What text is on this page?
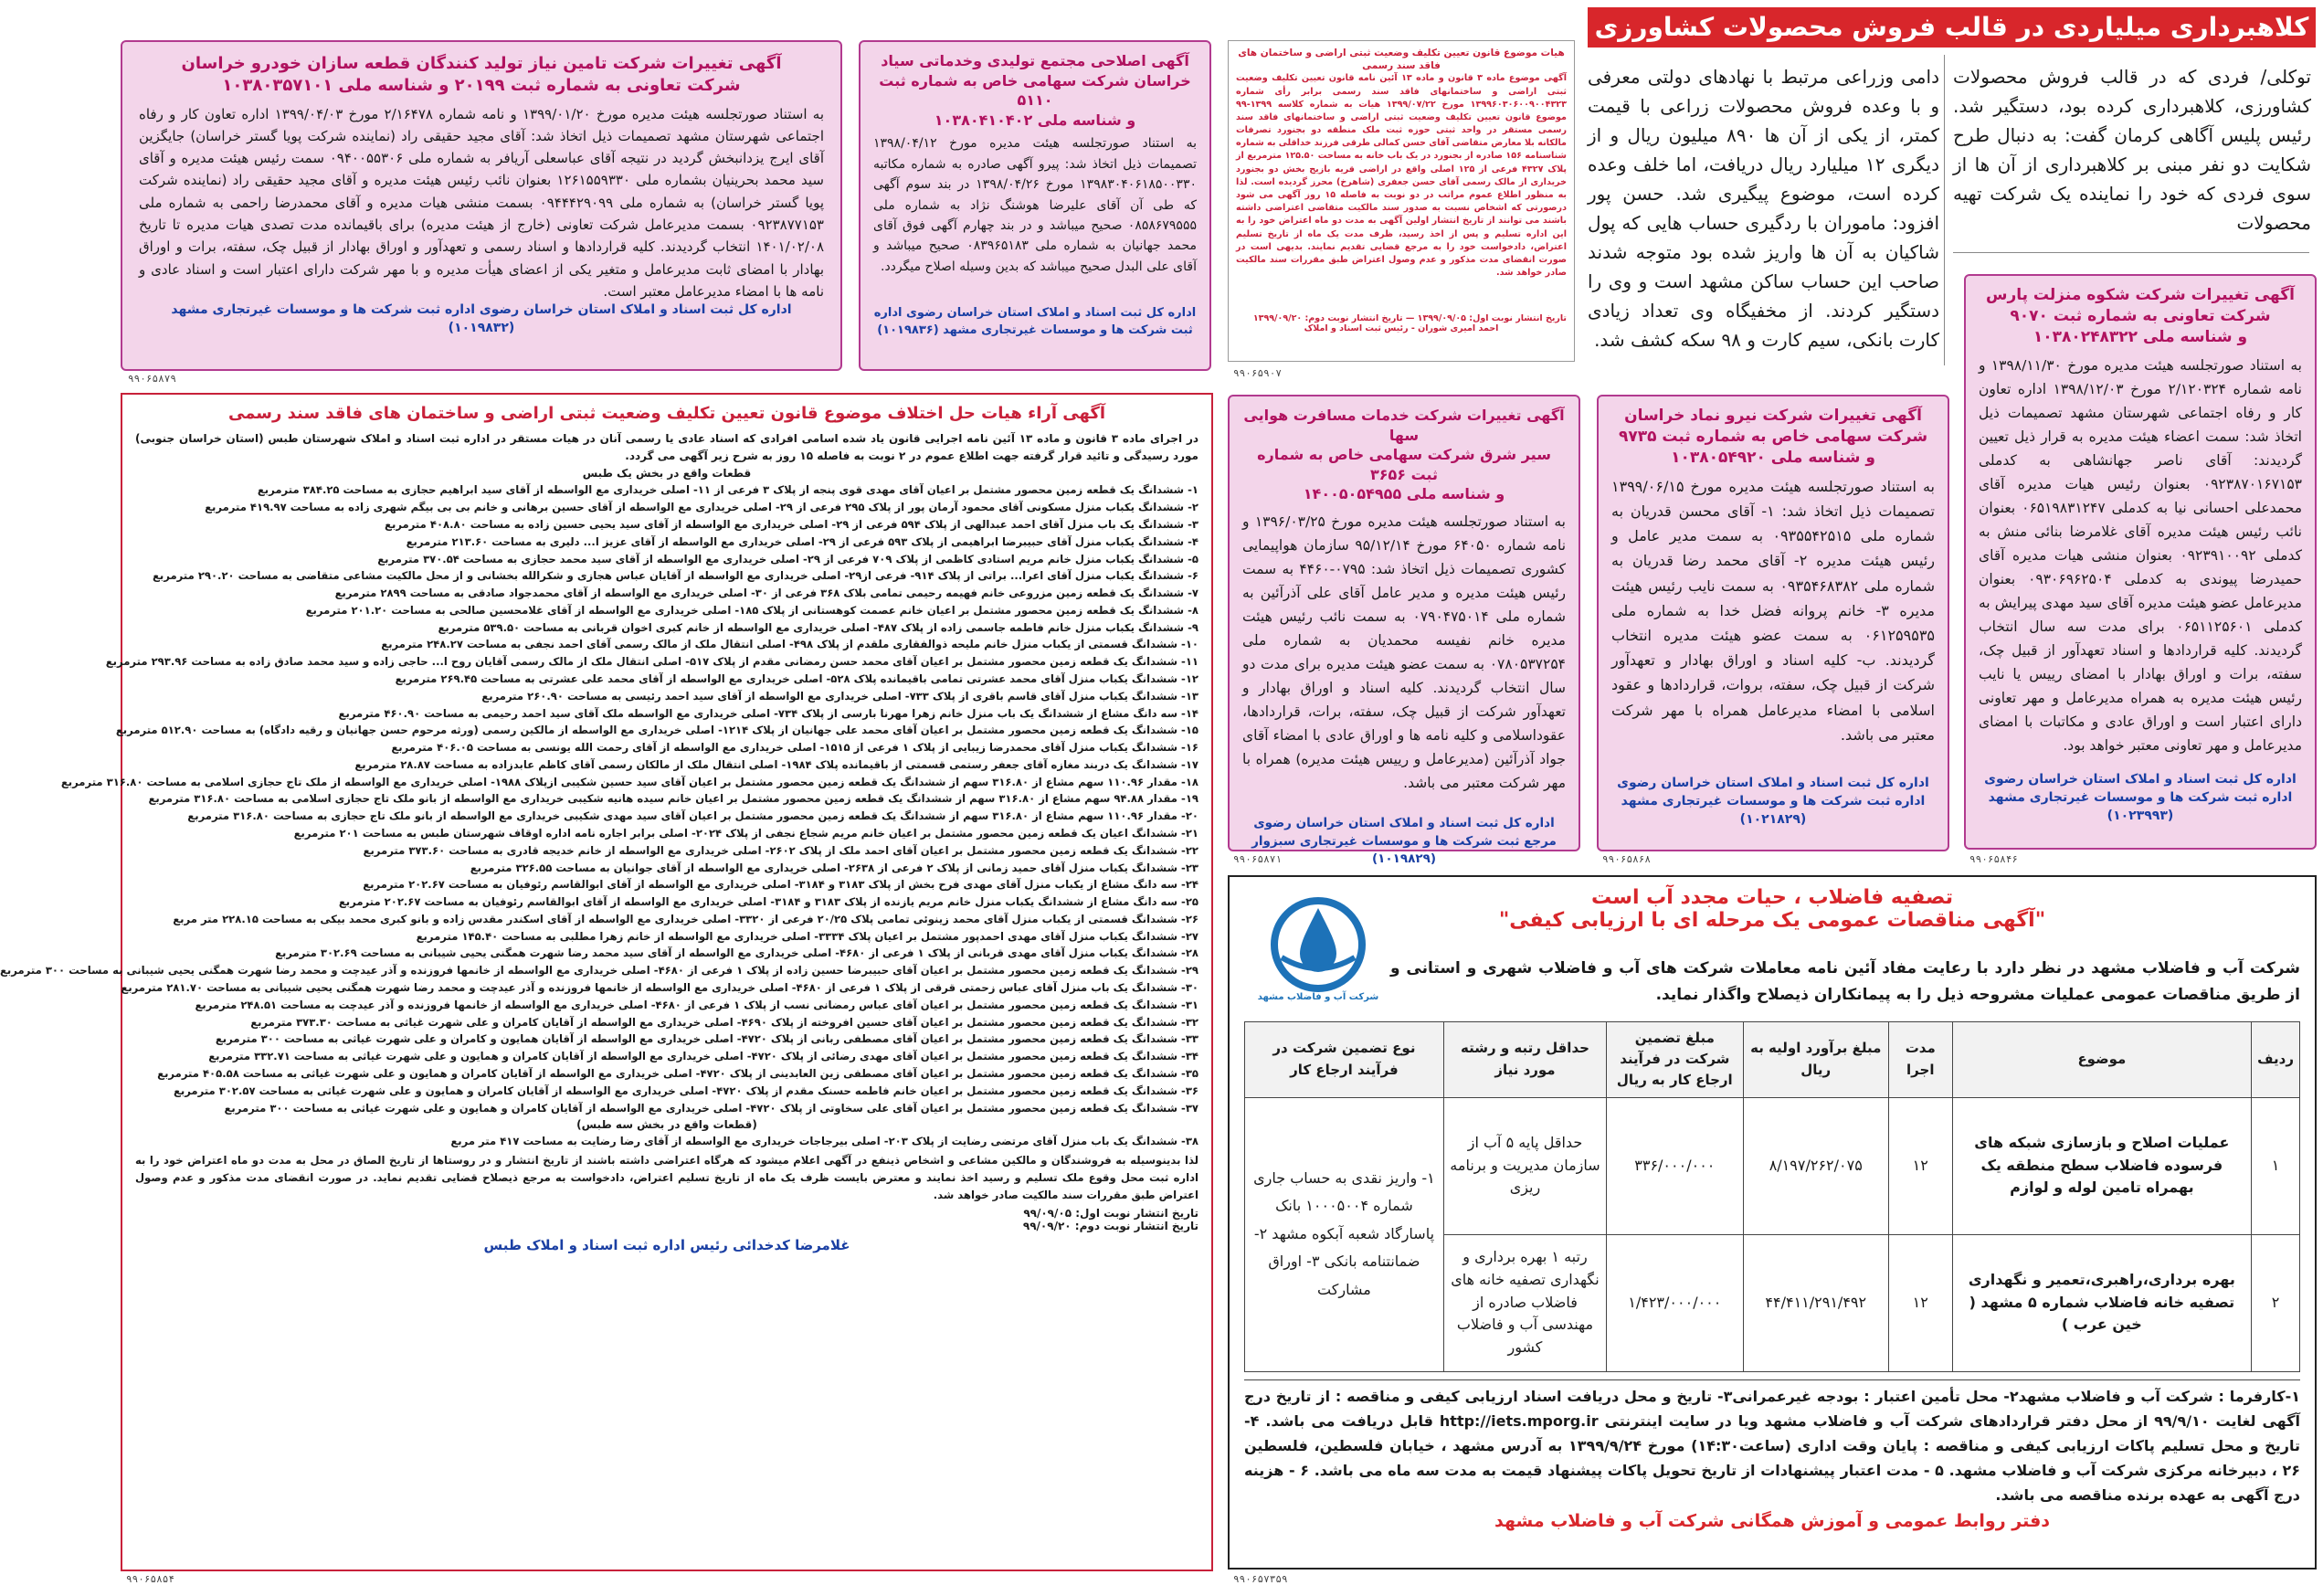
کلاهبرداری میلیاردی در قالب فروش محصولات کشاورزی
توکلی/ فردی که در قالب فروش محصولات کشاورزی، کلاهبرداری کرده بود، دستگیر شد. رئیس پلیس آگاهی کرمان گفت: به دنبال طرح شکایت دو نفر مبنی بر کلاهبرداری از آن ها از سوی فردی که خود را نماینده یک شرکت تهیه محصولات
دامی وزراعی مرتبط با نهادهای دولتی معرفی و با وعده فروش محصولات زراعی با قیمت کمتر، از یکی از آن ها ۸۹۰ میلیون ریال و از دیگری ۱۲ میلیارد ریال دریافت، اما خلف وعده کرده است، موضوع پیگیری شد. حسن پور افزود: ماموران با ردگیری حساب هایی که پول شاکیان به آن ها واریز شده بود متوجه شدند صاحب این حساب ساکن مشهد است و وی را دستگیر کردند. از مخفیگاه وی تعداد زیادی کارت بانکی، سیم کارت و ۹۸ سکه کشف شد.
آگهی تغییرات شرکت تامین نیاز تولید کنندگان قطعه سازان خودرو خراسان
شرکت تعاونی به شماره ثبت ۲۰۱۹۹ و شناسه ملی ۱۰۳۸۰۳۵۷۱۰۱
به استناد صورتجلسه هیئت مدیره مورخ ۱۳۹۹/۰۱/۲۰ و نامه شماره ۲/۱۶۴۷۸ مورخ ۱۳۹۹/۰۴/۰۳ اداره تعاون کار و رفاه اجتماعی شهرستان مشهد تصمیمات ذیل اتخاذ شد: آقای مجید حقیقی راد (نماینده شرکت پویا گستر خراسان) جایگزین آقای ایرج یزدانبخش گردید در نتیجه آقای عباسعلی آریافر به شماره ملی ۰۹۴۰۰۵۵۳۰۶ سمت رئیس هیئت مدیره و آقای سید محمد بحرینیان بشماره ملی ۱۲۶۱۵۵۹۳۳۰ بعنوان نائب رئیس هیئت مدیره و آقای مجید حقیقی راد (نماینده شرکت پویا گستر خراسان) به شماره ملی ۰۹۴۴۴۲۹۰۹۹ بسمت منشی هیات مدیره و آقای محمدرضا راحمی به شماره ملی ۰۹۲۳۸۷۷۱۵۳ بسمت مدیرعامل شرکت تعاونی (خارج از هیئت مدیره) برای باقیمانده مدت تصدی هیات مدیره تا تاریخ ۱۴۰۱/۰۲/۰۸ انتخاب گردیدند. کلیه قراردادها و اسناد رسمی و تعهدآور و اوراق بهادار از قبیل چک، سفته، برات و اوراق بهادار با امضای ثابت مدیرعامل و متغیر یکی از اعضای هیأت مدیره و با مهر شرکت دارای اعتبار است و اسناد عادی و نامه ها با امضاء مدیرعامل معتبر است.
اداره کل ثبت اسناد و املاک استان خراسان رضوی اداره ثبت شرکت ها و موسسات غیرتجاری مشهد (۱۰۱۹۸۳۲)
۹۹۰۶۵۸۷۹
آگهی اصلاحی مجتمع تولیدی وخدماتی سیاد
خراسان شرکت سهامی خاص به شماره ثبت ۵۱۱۰
و شناسه ملی ۱۰۳۸۰۴۱۰۴۰۲
به استناد صورتجلسه هیئت مدیره مورخ ۱۳۹۸/۰۴/۱۲ تصمیمات ذیل اتخاذ شد: پیرو آگهی صادره به شماره مکاتبه ۱۳۹۸۳۰۴۰۶۱۸۵۰۰۳۳۰ مورخ ۱۳۹۸/۰۴/۲۶ در بند سوم آگهی که طی آن آقای علیرضا هوشنگ نژاد به شماره ملی ۰۸۵۸۶۷۹۵۵۵ صحیح میباشد و در بند چهارم آگهی فوق آقای محمد جهانیان به شماره ملی ۰۸۳۹۶۵۱۸۳ صحیح میباشد و آقای علی البدل صحیح میباشد که بدین وسیله اصلاح میگردد.
اداره کل ثبت اسناد و املاک استان خراسان رضوی اداره ثبت شرکت ها و موسسات غیرتجاری مشهد (۱۰۱۹۸۳۶)
هیات موضوع قانون تعیین تکلیف وضعیت ثبتی اراضی و ساختمان های فاقد سند رسمی
آگهی موضوع ماده ۳ قانون و ماده ۱۳ آئین نامه قانون تعیین تکلیف وضعیت ثبتی اراضی و ساختمانهای فاقد سند رسمی برابر رأی شماره ۱۳۹۹۶۰۳۰۶۰۰۹۰۰۴۳۲۳ مورخ ۱۳۹۹/۰۷/۲۲ هیات به شماره کلاسه ۱۳۹۹-۹۹ موضوع قانون تعیین تکلیف وضعیت ثبتی اراضی و ساختمانهای فاقد سند رسمی مستقر در واحد ثبتی حوزه ثبت ملک منطقه دو بجنورد تصرفات مالکانه بلا معارض متقاضی آقای حسن کمالی طرقی فرزند خداقلی به شماره شناسنامه ۱۵۶ صادره از بجنورد در یک باب خانه به مساحت ۱۲۵.۵۰ مترمربع از پلاک ۴۳۲۷ فرعی از ۱۲۵ اصلی واقع در اراضی قریه بازیج بخش دو بجنورد خریداری از مالک رسمی آقای حسن جعفری (شاهرخ) محرز گردیده است. لذا به منظور اطلاع عموم مراتب در دو نوبت به فاصله ۱۵ روز آگهی می شود درصورتی که اشخاص نسبت به صدور سند مالکیت متقاضی اعتراضی داشته باشند می توانند از تاریخ انتشار اولین آگهی به مدت دو ماه اعتراض خود را به این اداره تسلیم و پس از اخذ رسید، ظرف مدت یک ماه از تاریخ تسلیم اعتراض، دادخواست خود را به مرجع قضایی تقدیم نمایند. بدیهی است در صورت انقضای مدت مذکور و عدم وصول اعتراض طبق مقررات سند مالکیت صادر خواهد شد.
تاریخ انتشار نوبت اول: ۱۳۹۹/۰۹/۰۵ — تاریخ انتشار نوبت دوم: ۱۳۹۹/۰۹/۲۰
احمد امیری شوران - رئیس ثبت اسناد و املاک
۹۹۰۶۵۹۰۷
آگهی تغییرات شرکت شکوه منزلت پارس
شرکت تعاونی به شماره ثبت ۹۰۷۰
و شناسه ملی ۱۰۳۸۰۲۴۸۳۲۲
به استناد صورتجلسه هیئت مدیره مورخ ۱۳۹۸/۱۱/۳۰ و نامه شماره ۲/۱۲۰۳۲۴ مورخ ۱۳۹۸/۱۲/۰۳ اداره تعاون کار و رفاه اجتماعی شهرستان مشهد تصمیمات ذیل اتخاذ شد: سمت اعضاء هیئت مدیره به قرار ذیل تعیین گردیدند: آقای ناصر جهانشاهی به کدملی ۰۹۲۳۸۷۰۱۶۷۱۵۳ بعنوان رئیس هیات مدیره آقای محمدعلی احسانی نیا به کدملی ۰۶۵۱۹۸۳۱۲۴۷ بعنوان نائب رئیس هیئت مدیره آقای غلامرضا بنائی منش به کدملی ۰۹۲۳۹۱۰۰۹۲ بعنوان منشی هیات مدیره آقای حمیدرضا پیوندی به کدملی ۰۹۳۰۶۹۶۲۵۰۴ بعنوان مدیرعامل عضو هیئت مدیره آقای سید مهدی پیرایش به کدملی ۰۶۵۱۱۲۵۶۰۱ برای مدت سه سال انتخاب گردیدند. کلیه قراردادها و اسناد تعهدآور از قبیل چک، سفته، برات و اوراق بهادار با امضای رییس یا نایب رئیس هیئت مدیره به همراه مدیرعامل و مهر تعاونی دارای اعتبار است و اوراق عادی و مکاتبات با امضای مدیرعامل و مهر تعاونی معتبر خواهد بود.
اداره کل ثبت اسناد و املاک استان خراسان رضوی اداره ثبت شرکت ها و موسسات غیرتجاری مشهد (۱۰۲۳۹۹۳)
۹۹۰۶۵۸۴۶
آگهی تغییرات شرکت نیرو نماد خراسان
شرکت سهامی خاص به شماره ثبت ۹۷۳۵
و شناسه ملی ۱۰۳۸۰۵۴۹۲۰
به استناد صورتجلسه هیئت مدیره مورخ ۱۳۹۹/۰۶/۱۵ تصمیمات ذیل اتخاذ شد: ۱- آقای محسن قدریان به شماره ملی ۰۹۳۵۵۴۲۵۱۵ به سمت مدیر عامل و رئیس هیئت مدیره ۲- آقای محمد رضا قدریان به شماره ملی ۰۹۳۵۴۶۸۳۸۲ به سمت نایب رئیس هیئت مدیره ۳- خانم پروانه فضل خدا به شماره ملی ۰۶۱۲۵۹۵۳۵ به سمت عضو هیئت مدیره انتخاب گردیدند. ب- کلیه اسناد و اوراق بهادار و تعهدآور شرکت از قبیل چک، سفته، بروات، قراردادها و عقود اسلامی با امضاء مدیرعامل همراه با مهر شرکت معتبر می باشد.
اداره کل ثبت اسناد و املاک استان خراسان رضوی اداره ثبت شرکت ها و موسسات غیرتجاری مشهد (۱۰۲۱۸۲۹)
۹۹۰۶۵۸۶۸
آگهی تغییرات شرکت خدمات مسافرت هوایی سها
سیر شرق شرکت سهامی خاص به شماره ثبت ۳۶۵۶
و شناسه ملی ۱۴۰۰۵۰۵۴۹۵۵
به استناد صورتجلسه هیئت مدیره مورخ ۱۳۹۶/۰۳/۲۵ و نامه شماره ۶۴۰۵۰ مورخ ۹۵/۱۲/۱۴ سازمان هواپیمایی کشوری تصمیمات ذیل اتخاذ شد: ۰۷۹۵-۴۴۶۰ به سمت رئیس هیئت مدیره و مدیر عامل آقای علی آذرآئین به شماره ملی ۰۷۹۰۴۷۵۰۱۴ به سمت نائب رئیس هیئت مدیره خانم نفیسه محمدیان به شماره ملی ۰۷۸۰۵۳۷۲۵۴ به سمت عضو هیئت مدیره برای مدت دو سال انتخاب گردیدند. کلیه اسناد و اوراق بهادار و تعهدآور شرکت از قبیل چک، سفته، برات، قراردادها، عقوداسلامی و کلیه نامه ها و اوراق عادی با امضاء آقای جواد آذرآئین (مدیرعامل و رییس هیئت مدیره) همراه با مهر شرکت معتبر می باشد.
اداره کل ثبت اسناد و املاک استان خراسان رضوی مرجع ثبت شرکت ها و موسسات غیرتجاری سبزوار (۱۰۱۹۸۲۹)
۹۹۰۶۵۸۷۱
آگهی آراء هیات حل اختلاف موضوع قانون تعیین تکلیف وضعیت ثبتی اراضی و ساختمان های فاقد سند رسمی
در اجرای ماده ۳ قانون و ماده ۱۳ آئین نامه اجرایی قانون یاد شده اسامی افرادی که اسناد عادی یا رسمی آنان در هیات مستقر در اداره ثبت اسناد و املاک شهرستان طبس (استان خراسان جنوبی) مورد رسیدگی و تائید قرار گرفته جهت اطلاع عموم در ۲ نوبت به فاصله ۱۵ روز به شرح زیر آگهی می گردد.
قطعات واقع در بخش یک طبس
۱- ششدانگ یک قطعه زمین محصور مشتمل بر اعیان آقای مهدی قوی پنجه از پلاک ۳ فرعی از ۱۱- اصلی خریداری مع الواسطه از آقای سید ابراهیم حجازی به مساحت ۳۸۴.۲۵ مترمربع
۲- ششدانگ یکباب منزل مسکونی آقای محمود آرمان پور از پلاک ۲۹۵ فرعی از ۲۹- اصلی خریداری مع الواسطه از آقای حسین برهانی و خانم بی بی بیگم شهری زاده به مساحت ۴۱۹.۹۷ مترمربع
۳- ششدانگ یک باب منزل آقای احمد عبدالهی از پلاک ۵۹۴ فرعی از ۲۹- اصلی خریداری مع الواسطه از آقای سید یحیی حسین زاده به مساحت ۴۰۸.۸۰ مترمربع
۴- ششدانگ یکباب منزل آقای حبیبرضا ابراهیمی از پلاک ۵۹۳ فرعی از ۲۹- اصلی خریداری مع الواسطه از آقای عزیز ا... دلیری به مساحت ۲۱۳.۶۰ مترمربع
۵- ششدانگ یکباب منزل خانم مریم استادی کاظمی از پلاک ۷۰۹ فرعی از ۲۹- اصلی خریداری مع الواسطه از آقای سید محمد حجازی به مساحت ۳۷۰.۵۴ مترمربع
۶- ششدانگ یکباب منزل آقای اعرا... براتی از پلاک ۹۱۴- فرعی از۲۹- اصلی خریداری مع الواسطه از آقایان عباس هجازی و شکرالله بخشانی و از محل مالکیت مشاعی متقاضی به مساحت ۲۹۰.۲۰ مترمربع
۷- ششدانگ یک قطعه زمین مزروعی خانم فهیمه رحیمی تمامی بلاک ۳۶۸ فرعی از ۳۰- اصلی خریداری مع الواسطه از آقای محمدجواد صادقی به مساحت ۲۸۹۹ مترمربع
۸- ششدانگ یک قطعه زمین محصور مشتمل بر اعیان خانم عصمت کوهستانی از پلاک ۱۸۵- اصلی خریداری مع الواسطه از آقای غلامحسین صالحی به مساحت ۲۰۱.۲۰ مترمربع
۹- ششدانگ یکباب منزل خانم فاطمه جاسمی زاده از پلاک ۴۸۷- اصلی خریداری مع الواسطه از خانم کبری اخوان قربانی به مساحت ۵۳۹.۵۰ مترمربع
۱۰- ششدانگ قسمتی از یکباب منزل خانم ملیحه ذوالفقاری ملقدم از پلاک ۴۹۸- اصلی انتقال ملک از مالک رسمی آقای احمد نجفی به مساحت ۲۴۸.۲۷ مترمربع
۱۱- ششدانگ یک قطعه زمین محصور مشتمل بر اعیان آقای محمد حسن رمضانی مقدم از پلاک ۵۱۷- اصلی انتقال ملک از مالک رسمی آقایان روح ا... حاجی زاده و سید محمد صادق زاده به مساحت ۲۹۳.۹۶ مترمربع
۱۲- ششدانگ یکباب منزل آقای محمد عشرتی تمامی باقیمانده پلاک ۵۲۸- اصلی خریداری مع الواسطه از آقای محمد علی عشرتی به مساحت ۲۶۹.۴۵ مترمربع
۱۳- ششدانگ یکباب منزل آقای قاسم باقری از پلاک ۷۳۳- اصلی خریداری مع الواسطه از آقای سید احمد رئیسی به مساحت ۲۶۰.۹۰ مترمربع
۱۴- سه دانگ مشاع از ششدانگ یک باب منزل خانم زهرا مهرنا بارسی از پلاک ۷۳۴- اصلی خریداری مع الواسطه ملک آقای سید احمد رحیمی به مساحت ۴۶۰.۹۰ مترمربع
۱۵- ششدانگ یک قطعه زمین محصور مشتمل بر اعیان آقای محمد علی جهانیان از پلاک ۱۲۱۴- اصلی خریداری مع الواسطه از مالکین رسمی (ورثه مرحوم حسن جهانیان و رقیه دادگاه) به مساحت ۵۱۲.۹۰ مترمربع
۱۶- ششدانگ یکباب منزل آقای محمدرضا زیبایی از پلاک ۱ فرعی از ۱۵۱۵- اصلی خریداری مع الواسطه از آقای رحمت الله یونسی به مساحت ۴۰۶.۰۵ مترمربع
۱۷- ششدانگ یک دربند مغازه آقای جعفر رستمی قسمتی از باقیمانده پلاک ۱۹۸۴- اصلی انتقال ملک از مالکان رسمی آقای کاظم عابدزاده به مساحت ۲۸.۸۷ مترمربع
۱۸- مقدار ۱۱۰.۹۶ سهم مشاع از ۳۱۶.۸۰ سهم از ششدانگ یک قطعه زمین محصور مشتمل بر اعیان آقای سید حسین شکیبی ازپلاک ۱۹۸۸- اصلی خریداری مع الواسطه از ملک تاج حجازی اسلامی به مساحت ۳۱۶.۸۰ مترمربع
۱۹- مقدار ۹۴.۸۸ سهم مشاع از ۳۱۶.۸۰ سهم از ششدانگ یک قطعه زمین محصور مشتمل بر اعیان خانم سیده هانیه شکیبی خریداری مع الواسطه از بانو ملک تاج حجازی اسلامی به مساحت ۳۱۶.۸۰ مترمربع
۲۰- مقدار ۱۱۰.۹۶ سهم مشاع از ۳۱۶.۸۰ سهم از ششدانگ یک قطعه زمین محصور مشتمل بر اعیان آقای سید مهدی شکیبی خریداری مع الواسطه از بانو ملک تاج حجازی به مساحت ۳۱۶.۸۰ مترمربع
۲۱- ششدانگ اعیان یک قطعه زمین محصور مشتمل بر اعیان خانم مریم شجاع نجفی از پلاک ۲۰۲۴- اصلی برابر اجاره نامه اداره اوقاف شهرستان طبس به مساحت ۲۰۱ مترمربع
۲۲- ششدانگ یک قطعه زمین محصور مشتمل بر اعیان آقای احمد ملک از پلاک ۲۶۰۲- اصلی خریداری مع الواسطه از خانم خدیجه قادری به مساحت ۳۷۳.۶۰ مترمربع
۲۳- ششدانگ یکباب منزل آقای حمید زمانی از پلاک ۲ فرعی از ۲۶۳۸- اصلی خریداری مع الواسطه از آقای جوانیان به مساحت ۳۲۶.۵۵ مترمربع
۲۴- سه دانگ مشاع از یکباب منزل آقای مهدی فرح بخش از پلاک ۳۱۸۳ و ۳۱۸۴- اصلی خریداری مع الواسطه از آقای ابوالقاسم رئوفیان به مساحت ۲۰۲.۶۷ مترمربع
۲۵- سه دانگ مشاع از ششدانگ یکباب منزل خانم مریم یازنده از پلاک ۳۱۸۳ و ۳۱۸۴- اصلی خریداری مع الواسطه از آقای ابوالقاسم رئوفیان به مساحت ۲۰۲.۶۷ مترمربع
۲۶- ششدانگ قسمتی از یکباب منزل آقای محمد زینوئی تمامی پلاک ۲۰/۲۵ فرعی از ۳۳۲۰- اصلی خریداری مع الواسطه از آقای اسکندر مقدس زاده و بانو کبری محمد بیکی به مساحت ۲۲۸.۱۵ متر مربع
۲۷- ششدانگ یکباب منزل آقای مهدی احمدپور مشتمل بر اعیان پلاک ۳۳۳۴- اصلی خریداری مع الواسطه از خانم زهرا مطلبی به مساحت ۱۴۵.۴۰ مترمربع
۲۸- ششدانگ یکباب منزل آقای مهدی قربانی از پلاک ۱ فرعی از ۴۶۸۰- اصلی خریداری مع الواسطه از آقای سید محمد رضا شهرت همگنی یحیی شیبانی به مساحت ۳۰۲.۶۹ مترمربع
۲۹- ششدانگ یک قطعه زمین محصور مشتمل بر اعیان آقای حبیبرضا حسین زاده از پلاک ۱ فرعی از ۴۶۸۰- اصلی خریداری مع الواسطه از خانمها فروزنده و آذر عیدچت و محمد رضا شهرت همگنی یحیی شیبانی به مساحت ۳۰۰ مترمربع
۳۰- ششدانگ یک باب منزل آقای عباس زحمتی قرقی از پلاک ۱ فرعی از ۴۶۸۰- اصلی خریداری مع الواسطه از خانمها فروزنده و آذر عیدچت و محمد رضا شهرت همگنی یحیی شیبانی به مساحت ۲۸۱.۷۰ مترمربع
۳۱- ششدانگ یک قطعه زمین محصور مشتمل بر اعیان آقای عباس رمضانی نسب از پلاک ۱ فرعی از ۴۶۸۰- اصلی خریداری مع الواسطه از خانمها فروزنده و آذر عیدچت به مساحت ۲۴۸.۵۱ مترمربع
۳۲- ششدانگ یک قطعه زمین محصور مشتمل بر اعیان آقای حسین افروخته از پلاک ۴۶۹۰- اصلی خریداری مع الواسطه از آقایان کامران و علی شهرت غیاثی به مساحت ۳۷۳.۳۰ مترمربع
۳۳- ششدانگ یک قطعه زمین محصور مشتمل بر اعیان آقای مصطفی ربانی از پلاک ۴۷۲۰- اصلی خریداری مع الواسطه از آقایان همایون و کامران و علی شهرت غیاثی به مساحت ۳۰۰ مترمربع
۳۴- ششدانگ یک قطعه زمین محصور مشتمل بر اعیان آقای مهدی رضائی از پلاک ۴۷۲۰- اصلی خریداری مع الواسطه از آقایان کامران و همایون و علی شهرت غیاثی به مساحت ۳۳۲.۷۱ مترمربع
۳۵- ششدانگ یک قطعه زمین محصور مشتمل بر اعیان آقای مصطفی زین العابدینی از پلاک ۴۷۲۰- اصلی خریداری مع الواسطه از آقایان کامران و همایون و علی شهرت غیاثی به مساحت ۴۰۵.۵۸ مترمربع
۳۶- ششدانگ یک قطعه زمین محصور مشتمل بر اعیان خانم فاطمه حسنک مقدم از پلاک ۴۷۲۰- اصلی خریداری مع الواسطه از آقایان کامران و همایون و علی شهرت غیاثی به مساحت ۳۰۲.۵۷ مترمربع
۳۷- ششدانگ یک قطعه زمین محصور مشتمل بر اعیان آقای علی سخاوتی از پلاک ۴۷۲۰- اصلی خریداری مع الواسطه از آقایان کامران و همایون و علی شهرت غیاثی به مساحت ۳۰۰ مترمربع
(قطعات واقع در بخش سه طبس)
۳۸- ششدانگ یک باب منزل آقای مرتضی رضایت از پلاک ۲۰۳- اصلی بیرجاجات خریداری مع الواسطه از آقای رضا رضایت به مساحت ۴۱۷ متر مربع
لذا بدینوسیله به فروشندگان و مالکین مشاعی و اشخاص ذینفع در آگهی اعلام میشود که هرگاه اعتراضی داشته باشند از تاریخ انتشار و در روستاها از تاریخ الصاق در محل به مدت دو ماه اعتراض خود را به اداره ثبت محل وقوع ملک تسلیم و رسید اخذ نمایند و معترض بایست ظرف یک ماه از تاریخ تسلیم اعتراض، دادخواست به مرجع ذیصلاح قضایی تقدیم نماید. در صورت انقضای مدت مذکور و عدم وصول اعتراض طبق مقررات سند مالکیت صادر خواهد شد.
تاریخ انتشار نوبت اول: ۹۹/۰۹/۰۵
تاریخ انتشار نوبت دوم: ۹۹/۰۹/۲۰
غلامرضا کدخدائی رئیس اداره ثبت اسناد و املاک طبس
۹۹۰۶۵۸۵۴
شرکت آب و فاضلاب مشهد
تصفیه فاضلاب ، حیات مجدد آب است
"آگهی مناقصات عمومی یک مرحله ای با ارزیابی کیفی"
شرکت آب و فاضلاب مشهد در نظر دارد با رعایت مفاد آئین نامه معاملات شرکت های آب و فاضلاب شهری و استانی و از طریق مناقصات عمومی عملیات مشروحه ذیل را به پیمانکاران ذیصلاح واگذار نماید.
ردیف	موضوع	مدت اجرا	مبلغ برآورد اولیه به ریال	مبلغ تضمین شرکت در فرآیند ارجاع کار به ریال	حداقل رتبه و رشته مورد نیاز	نوع تضمین شرکت در فرآیند ارجاع کار
۱	عملیات اصلاح و بازسازی شبکه های فرسوده فاضلاب سطح منطقه یک بهمراه تامین لوله و لوازم	۱۲	۸/۱۹۷/۲۶۲/۰۷۵	۳۳۶/۰۰۰/۰۰۰	حداقل پایه ۵ آب از سازمان مدیریت و برنامه ریزی	۱- واریز نقدی به حساب جاری شماره ۱۰۰۰۵۰۰۴ بانک پاسارگاد شعبه آبکوه مشهد ۲- ضمانتنامه بانکی ۳- اوراق مشارکت
۲	بهره برداری،راهبری،تعمیر و نگهداری تصفیه خانه فاضلاب شماره ۵ مشهد ( خین عرب )	۱۲	۴۴/۴۱۱/۲۹۱/۴۹۲	۱/۴۲۳/۰۰۰/۰۰۰	رتبه ۱ بهره برداری و نگهداری تصفیه خانه های فاضلاب صادره از مهندسی آب و فاضلاب کشور	
۱-کارفرما : شرکت آب و فاضلاب مشهد۲- محل تأمین اعتبار : بودجه غیرعمرانی۳- تاریخ و محل دریافت اسناد ارزیابی کیفی و مناقصه : از تاریخ درج آگهی لغایت ۹۹/۹/۱۰ از محل دفتر قراردادهای شرکت آب و فاضلاب مشهد ویا در سایت اینترنتی http://iets.mporg.ir قابل دریافت می باشد. ۴- تاریخ و محل تسلیم پاکات ارزیابی کیفی و مناقصه : پایان وقت اداری (ساعت۱۴:۳۰) مورخ ۱۳۹۹/۹/۲۴ به آدرس مشهد ، خیابان فلسطین، فلسطین ۲۶ ، دبیرخانه مرکزی شرکت آب و فاضلاب مشهد. ۵ - مدت اعتبار پیشنهادات از تاریخ تحویل پاکات پیشنهاد قیمت به مدت سه ماه می باشد. ۶ - هزینه درج آگهی به عهده برنده مناقصه می باشد.
دفتر روابط عمومی و آموزش همگانی شرکت آب و فاضلاب مشهد
۹۹۰۶۵۷۳۵۹
